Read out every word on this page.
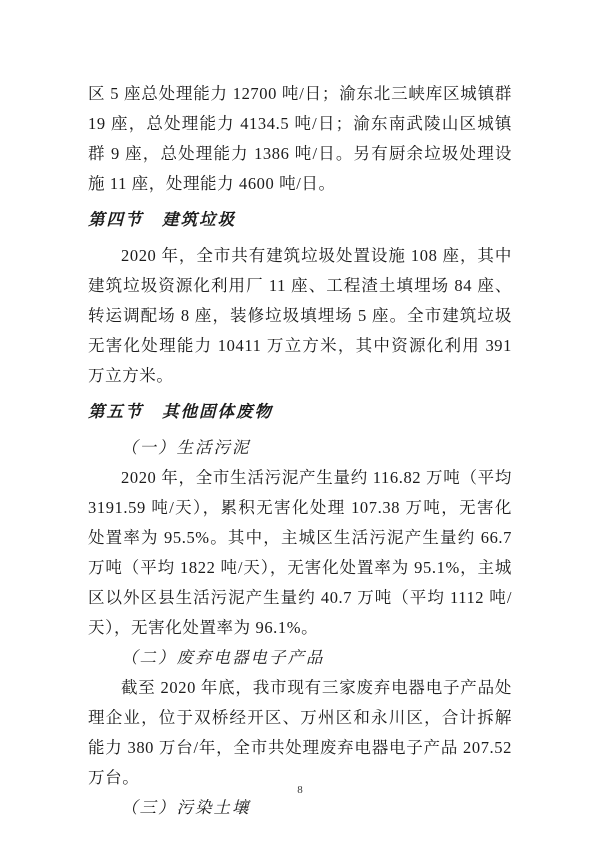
区 5 座总处理能力 12700 吨/日；渝东北三峡库区城镇群 19 座，总处理能力 4134.5 吨/日；渝东南武陵山区城镇群 9 座，总处理能力 1386 吨/日。另有厨余垃圾处理设施 11 座，处理能力 4600 吨/日。

第四节　建筑垃圾

2020 年，全市共有建筑垃圾处置设施 108 座，其中建筑垃圾资源化利用厂 11 座、工程渣土填埋场 84 座、转运调配场 8 座，装修垃圾填埋场 5 座。全市建筑垃圾无害化处理能力 10411 万立方米，其中资源化利用 391 万立方米。

第五节　其他固体废物
（一）生活污泥

2020 年，全市生活污泥产生量约 116.82 万吨（平均 3191.59 吨/天），累积无害化处理 107.38 万吨，无害化处置率为 95.5%。其中，主城区生活污泥产生量约 66.7 万吨（平均 1822 吨/天），无害化处置率为 95.1%，主城区以外区县生活污泥产生量约 40.7 万吨（平均 1112 吨/天），无害化处置率为 96.1%。

（二）废弃电器电子产品

截至 2020 年底，我市现有三家废弃电器电子产品处理企业，位于双桥经开区、万州区和永川区，合计拆解能力 380 万台/年，全市共处理废弃电器电子产品 207.52 万台。

（三）污染土壤
8
